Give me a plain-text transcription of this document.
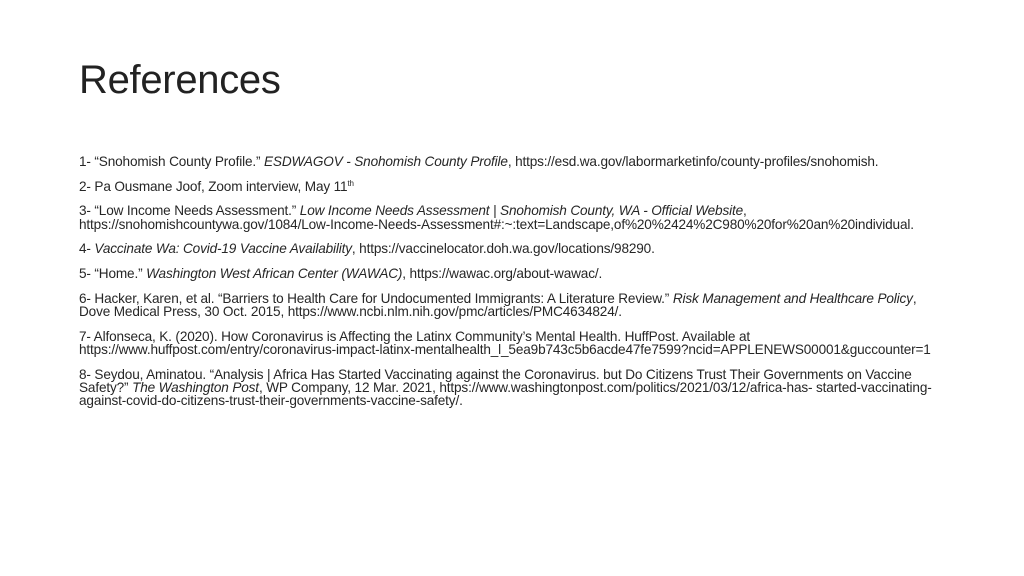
References

1- “Snohomish County Profile.” ESDWAGOV - Snohomish County Profile, https://esd.wa.gov/labormarketinfo/county-profiles/snohomish.

2- Pa Ousmane Joof, Zoom interview, May 11th

3- “Low Income Needs Assessment.” Low Income Needs Assessment | Snohomish County, WA - Official Website, https://snohomishcountywa.gov/1084/Low-Income-Needs-Assessment#:~:text=Landscape,of%20%2424%2C980%20for%20an%20individual.

4- Vaccinate Wa: Covid-19 Vaccine Availability, https://vaccinelocator.doh.wa.gov/locations/98290.

5- “Home.” Washington West African Center (WAWAC), https://wawac.org/about-wawac/.

6- Hacker, Karen, et al. “Barriers to Health Care for Undocumented Immigrants: A Literature Review.” Risk Management and Healthcare Policy, Dove Medical Press, 30 Oct. 2015, https://www.ncbi.nlm.nih.gov/pmc/articles/PMC4634824/.

7- Alfonseca, K. (2020). How Coronavirus is Affecting the Latinx Community’s Mental Health. HuffPost. Available at https://www.huffpost.com/entry/coronavirus-impact-latinx-mentalhealth_l_5ea9b743c5b6acde47fe7599?ncid=APPLENEWS00001&guccounter=1

8- Seydou, Aminatou. “Analysis | Africa Has Started Vaccinating against the Coronavirus. but Do Citizens Trust Their Governments on Vaccine Safety?” The Washington Post, WP Company, 12 Mar. 2021, https://www.washingtonpost.com/politics/2021/03/12/africa-has- started-vaccinating-against-covid-do-citizens-trust-their-governments-vaccine-safety/.
